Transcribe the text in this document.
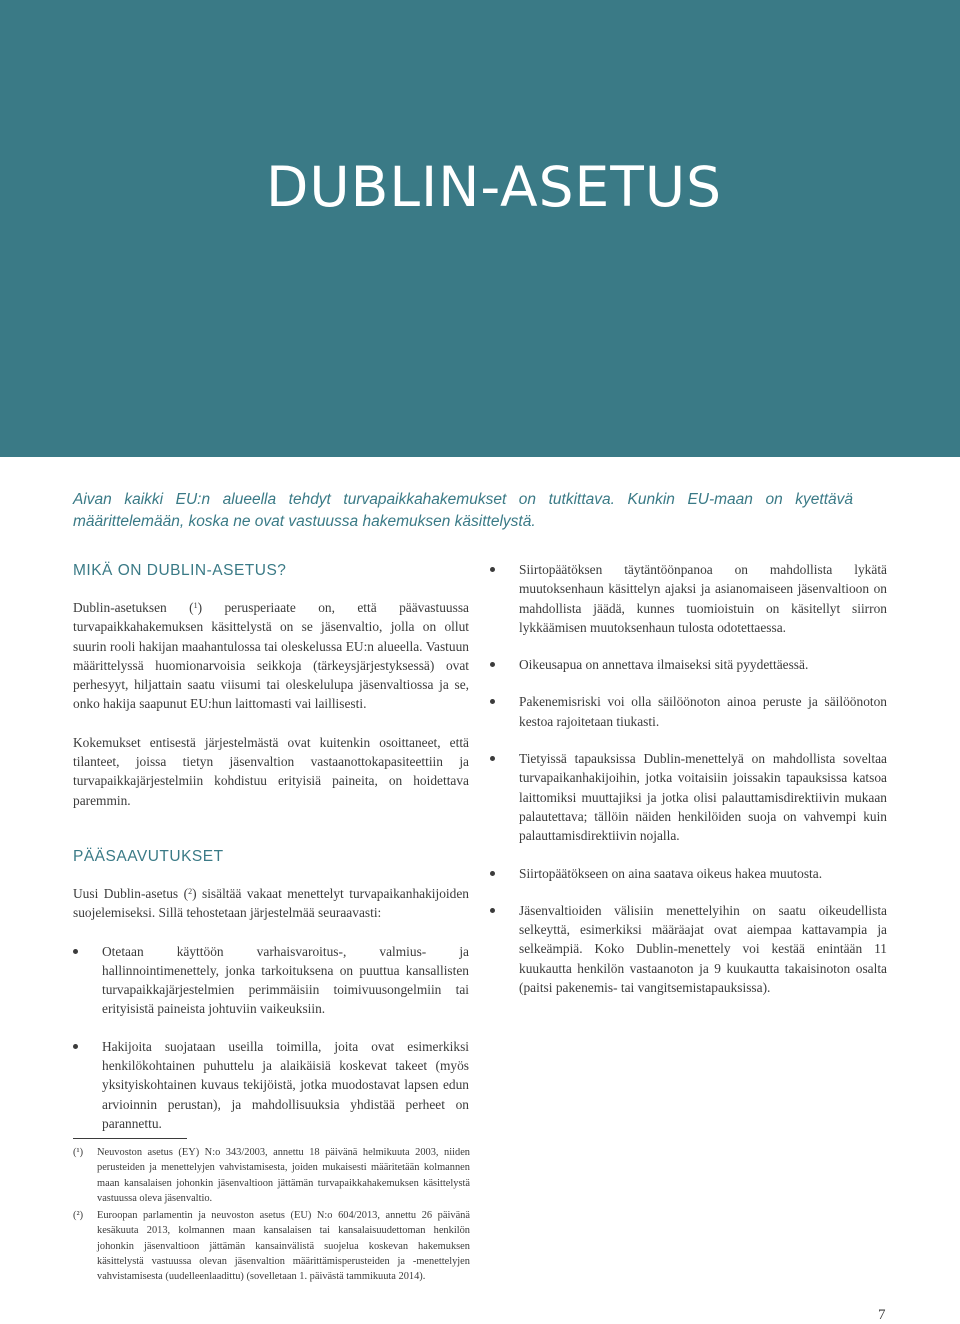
DUBLIN-ASETUS

Aivan kaikki EU:n alueella tehdyt turvapaikkahakemukset on tutkittava. Kunkin EU-maan on kyettävä määrittelemään, koska ne ovat vastuussa hakemuksen käsittelystä.

MIKÄ ON DUBLIN-ASETUS?

Dublin-asetuksen ($^1$) perusperiaate on, että päävastuussa turvapaikkahakemuksen käsittelystä on se jäsenvaltio, jolla on ollut suurin rooli hakijan maahantulossa tai oleskelussa EU:n alueella. Vastuun määrittelyssä huomionarvoisia seikkoja (tärkeysjärjestyksessä) ovat perhesyyt, hiljattain saatu viisumi tai oleskelulupa jäsenvaltiossa ja se, onko hakija saapunut EU:hun laittomasti vai laillisesti.

Kokemukset entisestä järjestelmästä ovat kuitenkin osoittaneet, että tilanteet, joissa tietyn jäsenvaltion vastaanottokapasiteettiin ja turvapaikkajärjestelmiin kohdistuu erityisiä paineita, on hoidettava paremmin.

PÄÄSAAVUTUKSET

Uusi Dublin-asetus ($^2$) sisältää vakaat menettelyt turvapaikanhakijoiden suojelemiseksi. Sillä tehostetaan järjestelmää seuraavasti:

Otetaan käyttöön varhaisvaroitus-, valmius- ja hallinnointimenettely, jonka tarkoituksena on puuttua kansallisten turvapaikkajärjestelmien perimmäisiin toimivuusongelmiin tai erityisistä paineista johtuviin vaikeuksiin.
Hakijoita suojataan useilla toimilla, joita ovat esimerkiksi henkilökohtainen puhuttelu ja alaikäisiä koskevat takeet (myös yksityiskohtainen kuvaus tekijöistä, jotka muodostavat lapsen edun arvioinnin perustan), ja mahdollisuuksia yhdistää perheet on parannettu.
Siirtopäätöksen täytäntöönpanoa on mahdollista lykätä muutoksenhaun käsittelyn ajaksi ja asianomaiseen jäsenvaltioon on mahdollista jäädä, kunnes tuomioistuin on käsitellyt siirron lykkäämisen muutoksenhaun tulosta odotettaessa.
Oikeusapua on annettava ilmaiseksi sitä pyydettäessä.
Pakenemisriski voi olla säilöönoton ainoa peruste ja säilöönoton kestoa rajoitetaan tiukasti.
Tietyissä tapauksissa Dublin-menettelyä on mahdollista soveltaa turvapaikanhakijoihin, jotka voitaisiin joissakin tapauksissa katsoa laittomiksi muuttajiksi ja jotka olisi palauttamisdirektiivin mukaan palautettava; tällöin näiden henkilöiden suoja on vahvempi kuin palauttamisdirektiivin nojalla.
Siirtopäätökseen on aina saatava oikeus hakea muutosta.
Jäsenvaltioiden välisiin menettelyihin on saatu oikeudellista selkeyttä, esimerkiksi määräajat ovat aiempaa kattavampia ja selkeämpiä. Koko Dublin-menettely voi kestää enintään 11 kuukautta henkilön vastaanoton ja 9 kuukautta takaisinoton osalta (paitsi pakenemis- tai vangitsemistapauksissa).
(¹) Neuvoston asetus (EY) N:o 343/2003, annettu 18 päivänä helmikuuta 2003, niiden perusteiden ja menettelyjen vahvistamisesta, joiden mukaisesti määritetään kolmannen maan kansalaisen johonkin jäsenvaltioon jättämän turvapaikkahakemuksen käsittelystä vastuussa oleva jäsenvaltio.
(²) Euroopan parlamentin ja neuvoston asetus (EU) N:o 604/2013, annettu 26 päivänä kesäkuuta 2013, kolmannen maan kansalaisen tai kansalaisuudettoman henkilön johonkin jäsenvaltioon jättämän kansainvälistä suojelua koskevan hakemuksen käsittelystä vastuussa olevan jäsenvaltion määrittämisperusteiden ja -menettelyjen vahvistamisesta (uudelleenlaadittu) (sovelletaan 1. päivästä tammikuuta 2014).
7
